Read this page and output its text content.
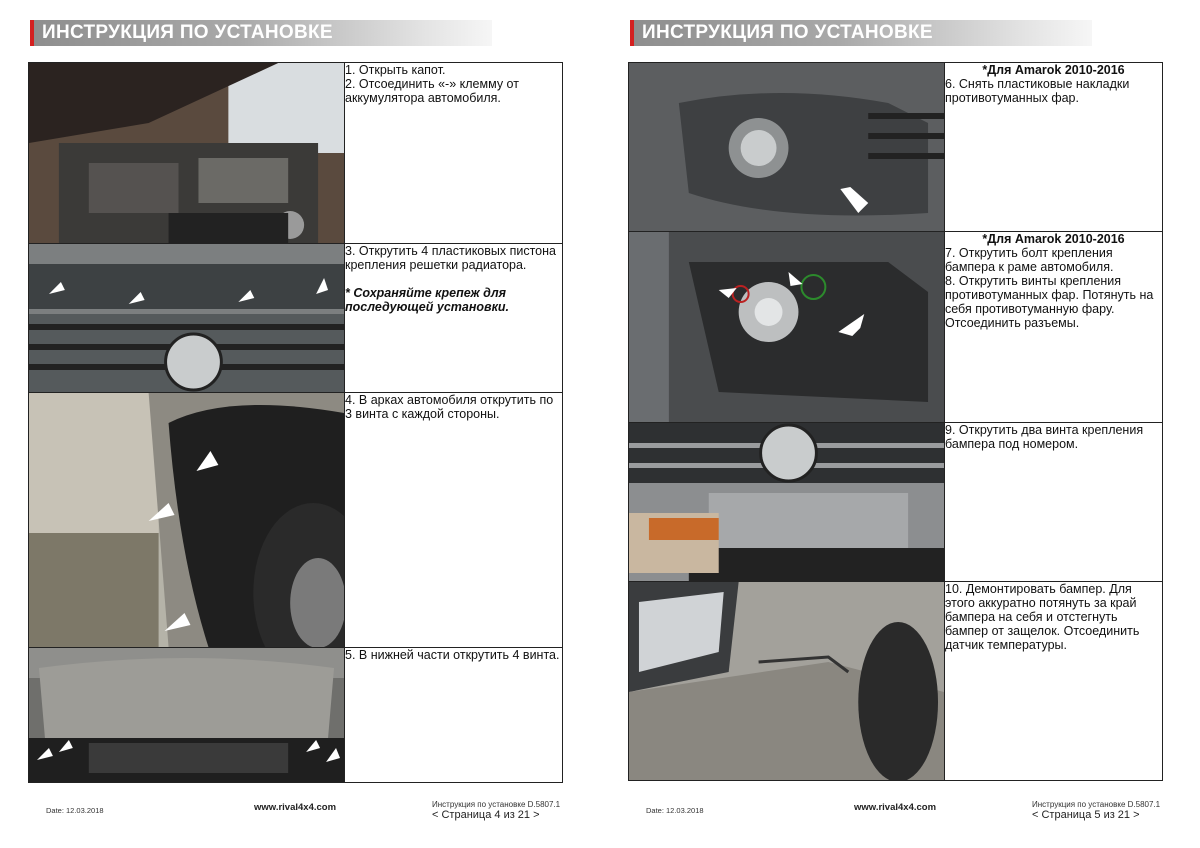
ИНСТРУКЦИЯ ПО УСТАНОВКЕ

1. Открыть капот.
2. Отсоединить «-» клемму от аккумулятора автомобиля.

3. Открутить 4 пластиковых пистона крепления решетки радиатора.
* Сохраняйте крепеж для последующей установки.

4. В арках автомобиля открутить по 3 винта с каждой стороны.

5. В нижней части открутить 4 винта.
Date: 12.03.2018	www.rival4x4.com	Инструкция по установке D.5807.1
< Страница 4 из 21 >
ИНСТРУКЦИЯ ПО УСТАНОВКЕ

*Для Amarok 2010-2016
6. Снять пластиковые накладки противотуманных фар.

*Для Amarok 2010-2016
7. Открутить болт крепления бампера к раме автомобиля.
8. Открутить винты крепления противотуманных фар. Потянуть на себя противотуманную фару. Отсоединить разъемы.

9. Открутить два винта крепления бампера под номером.

10. Демонтировать бампер. Для этого аккуратно потянуть за край бампера на себя и отстегнуть бампер от защелок. Отсоединить датчик температуры.
Date: 12.03.2018	www.rival4x4.com	Инструкция по установке D.5807.1
< Страница 5 из 21 >
